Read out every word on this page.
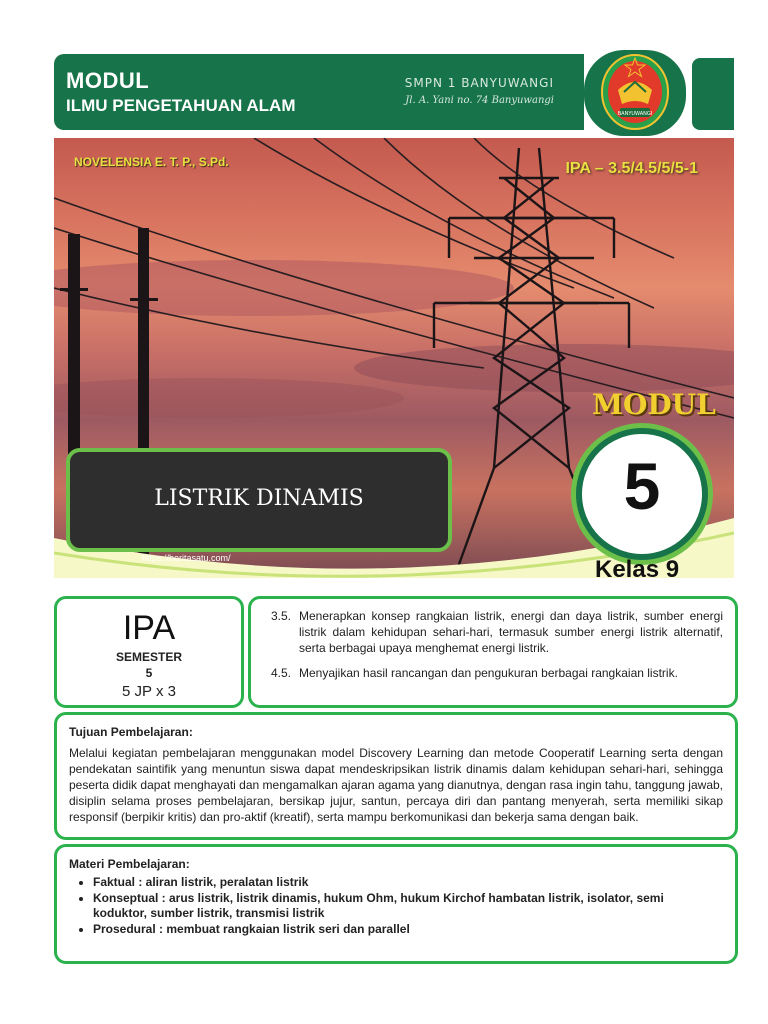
MODUL
ILMU PENGETAHUAN ALAM
SMPN 1 BANYUWANGI
Jl. A. Yani no. 74 Banyuwangi
BANYUWANGI
NOVELENSIA E. T. P., S.Pd.	IPA – 3.5/4.5/5/5-1
MODUL
LISTRIK DINAMIS	5
https://beritasatu.com/	Kelas 9
IPA
SEMESTER
5
5 JP x 3
3.5. Menerapkan konsep rangkaian listrik, energi dan daya listrik, sumber energi listrik dalam kehidupan sehari-hari, termasuk sumber energi listrik alternatif, serta berbagai upaya menghemat energi listrik.
4.5. Menyajikan hasil rancangan dan pengukuran berbagai rangkaian listrik.
Tujuan Pembelajaran:
Melalui kegiatan pembelajaran menggunakan model Discovery Learning dan metode Cooperatif Learning serta dengan pendekatan saintifik yang menuntun siswa dapat mendeskripsikan listrik dinamis dalam kehidupan sehari-hari, sehingga peserta didik dapat menghayati dan mengamalkan ajaran agama yang dianutnya, dengan rasa ingin tahu, tanggung jawab, disiplin selama proses pembelajaran, bersikap jujur, santun, percaya diri dan pantang menyerah, serta memiliki sikap responsif (berpikir kritis) dan pro-aktif (kreatif), serta mampu berkomunikasi dan bekerja sama dengan baik.
Materi Pembelajaran:
• Faktual : aliran listrik, peralatan listrik
• Konseptual : arus listrik, listrik dinamis, hukum Ohm, hukum Kirchof hambatan listrik, isolator, semi koduktor, sumber listrik, transmisi listrik
• Prosedural : membuat rangkaian listrik seri dan parallel
